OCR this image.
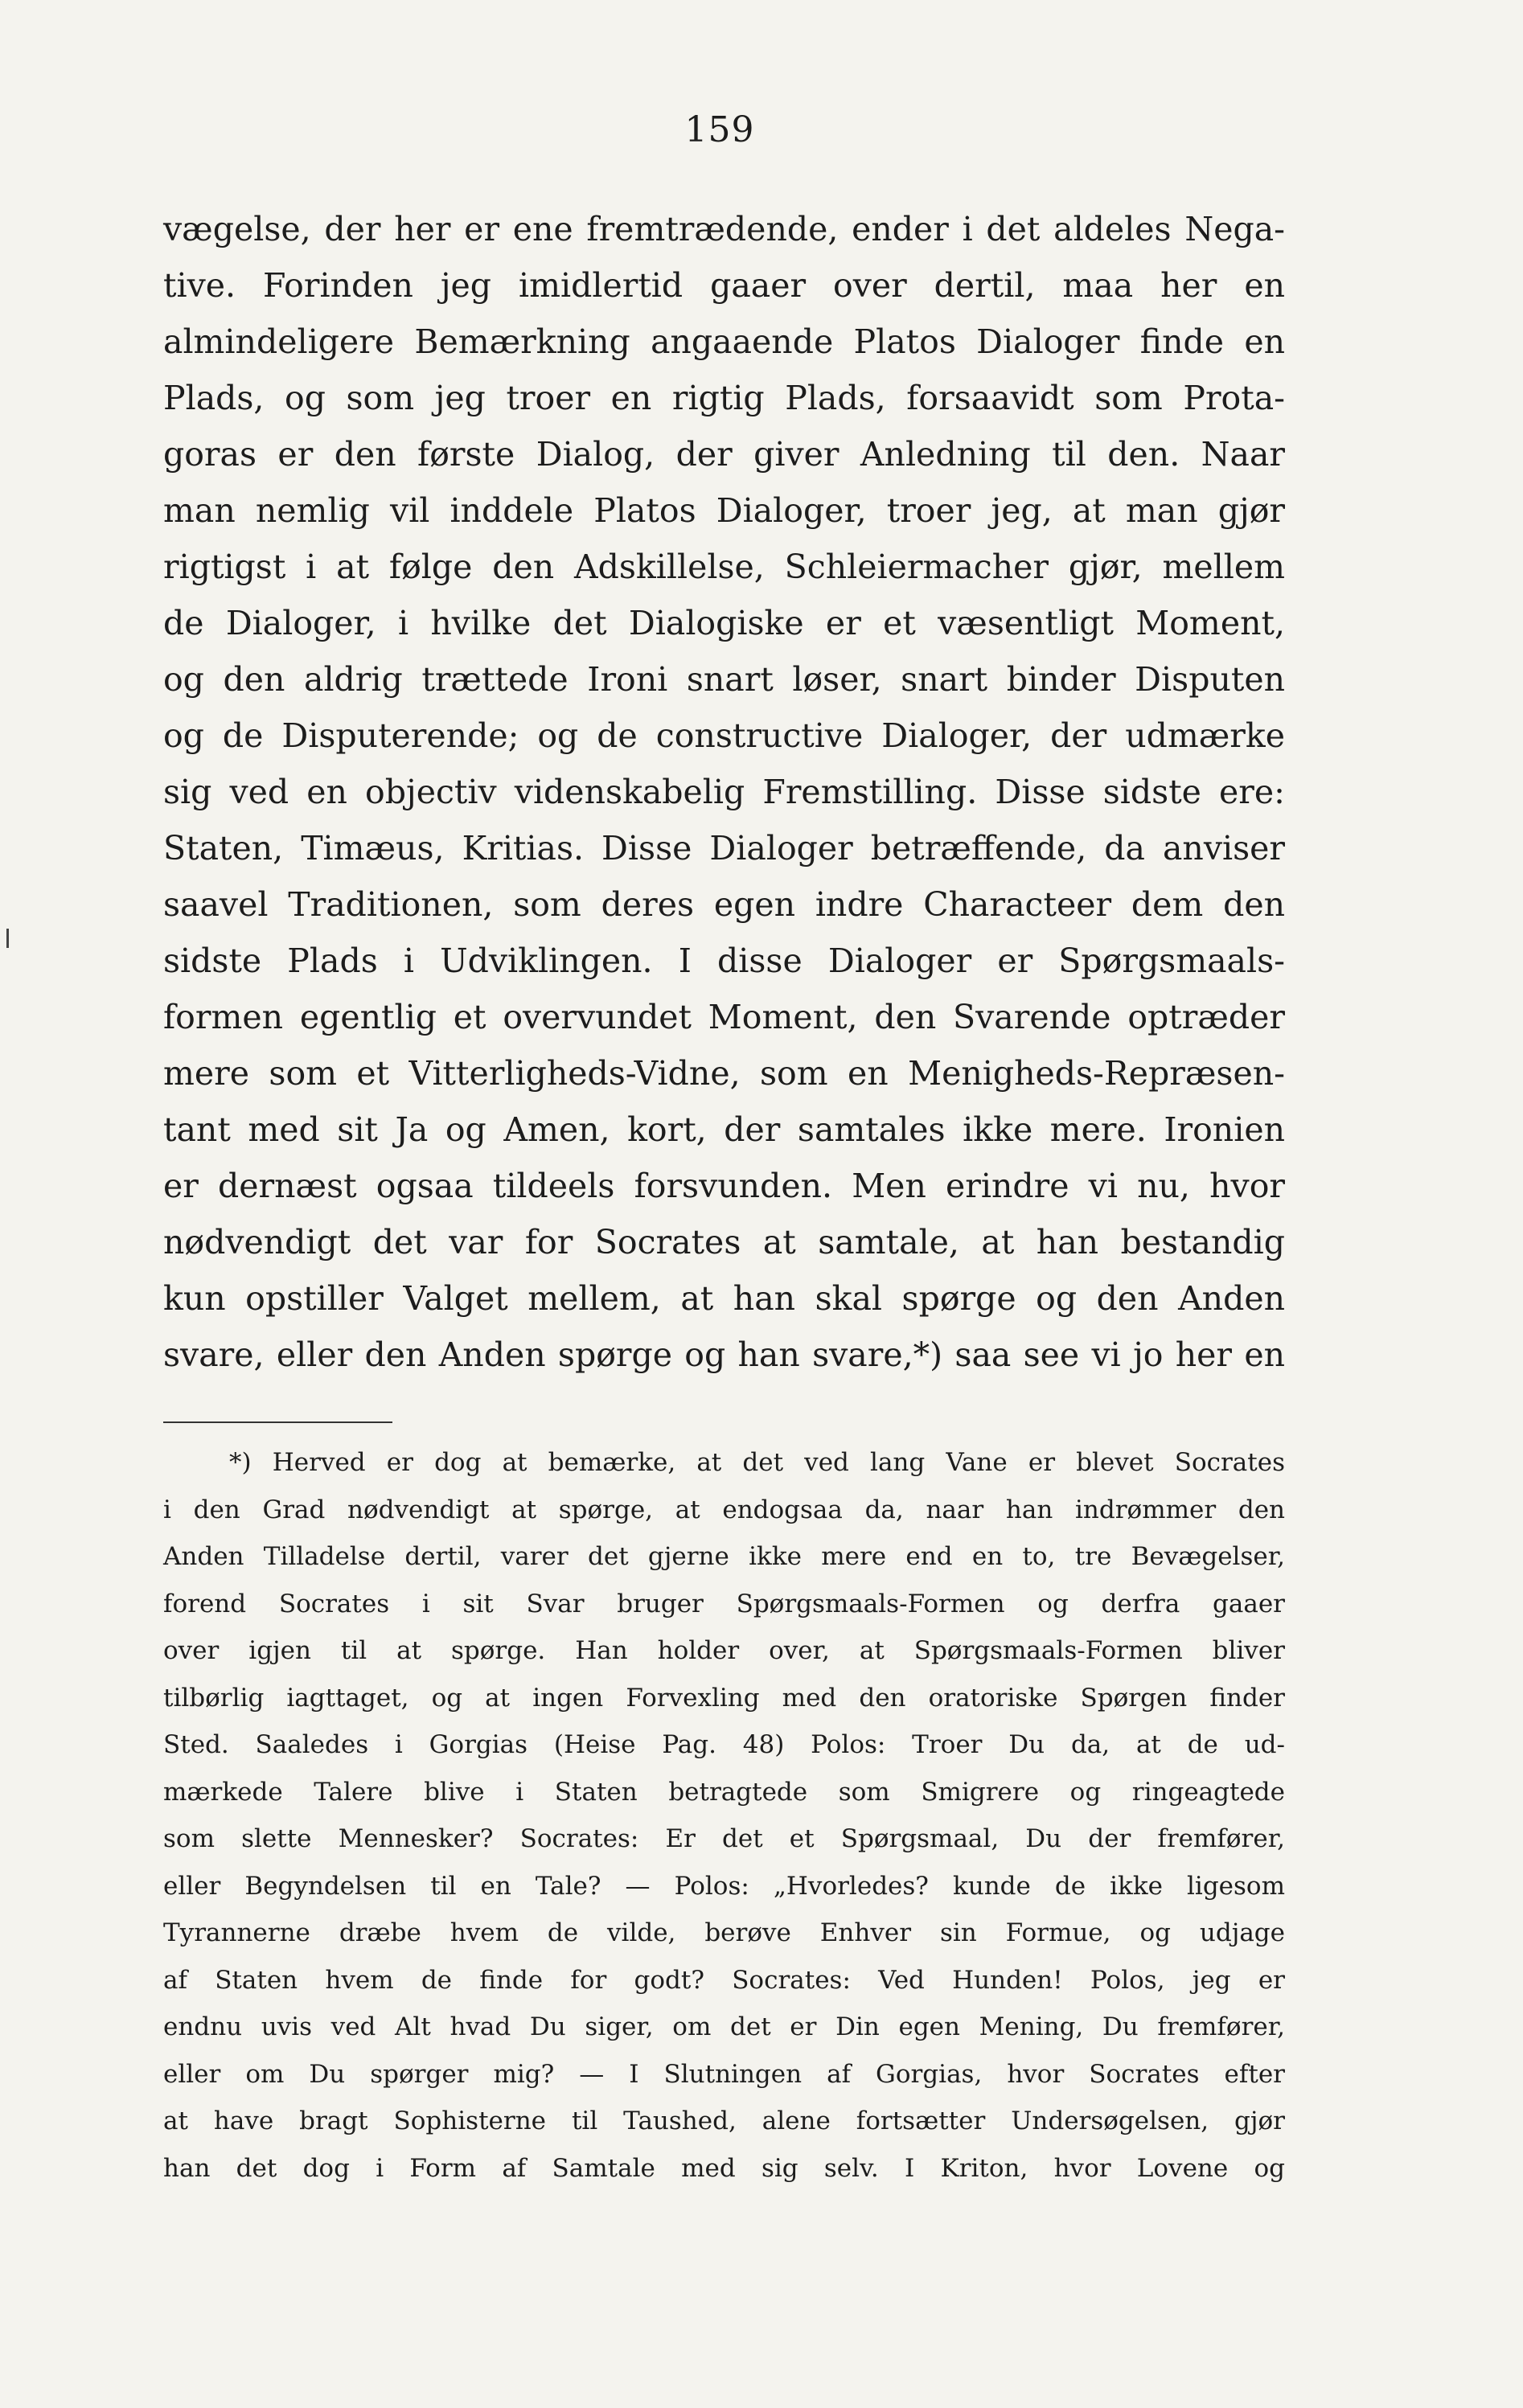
159
vægelse, der her er ene fremtrædende, ender i det aldeles Nega-
tive. Forinden jeg imidlertid gaaer over dertil, maa her en
almindeligere Bemærkning angaaende Platos Dialoger finde en
Plads, og som jeg troer en rigtig Plads, forsaavidt som Prota-
goras er den første Dialog, der giver Anledning til den. Naar
man nemlig vil inddele Platos Dialoger, troer jeg, at man gjør
rigtigst i at følge den Adskillelse, Schleiermacher gjør, mellem
de Dialoger, i hvilke det Dialogiske er et væsentligt Moment,
og den aldrig trættede Ironi snart løser, snart binder Disputen
og de Disputerende; og de constructive Dialoger, der udmærke
sig ved en objectiv videnskabelig Fremstilling. Disse sidste ere:
Staten, Timæus, Kritias. Disse Dialoger betræffende, da anviser
saavel Traditionen, som deres egen indre Characteer dem den
sidste Plads i Udviklingen. I disse Dialoger er Spørgsmaals-
formen egentlig et overvundet Moment, den Svarende optræder
mere som et Vitterligheds-Vidne, som en Menigheds-Repræsen-
tant med sit Ja og Amen, kort, der samtales ikke mere. Ironien
er dernæst ogsaa tildeels forsvunden. Men erindre vi nu, hvor
nødvendigt det var for Socrates at samtale, at han bestandig
kun opstiller Valget mellem, at han skal spørge og den Anden
svare, eller den Anden spørge og han svare,*) saa see vi jo her en
*) Herved er dog at bemærke, at det ved lang Vane er blevet Socrates
i den Grad nødvendigt at spørge, at endogsaa da, naar han indrømmer den
Anden Tilladelse dertil, varer det gjerne ikke mere end en to, tre Bevægelser,
forend Socrates i sit Svar bruger Spørgsmaals-Formen og derfra gaaer
over igjen til at spørge. Han holder over, at Spørgsmaals-Formen bliver
tilbørlig iagttaget, og at ingen Forvexling med den oratoriske Spørgen finder
Sted. Saaledes i Gorgias (Heise Pag. 48) Polos: Troer Du da, at de ud-
mærkede Talere blive i Staten betragtede som Smigrere og ringeagtede
som slette Mennesker? Socrates: Er det et Spørgsmaal, Du der fremfører,
eller Begyndelsen til en Tale? — Polos: „Hvorledes? kunde de ikke ligesom
Tyrannerne dræbe hvem de vilde, berøve Enhver sin Formue, og udjage
af Staten hvem de finde for godt? Socrates: Ved Hunden! Polos, jeg er
endnu uvis ved Alt hvad Du siger, om det er Din egen Mening, Du fremfører,
eller om Du spørger mig? — I Slutningen af Gorgias, hvor Socrates efter
at have bragt Sophisterne til Taushed, alene fortsætter Undersøgelsen, gjør
han det dog i Form af Samtale med sig selv. I Kriton, hvor Lovene og
